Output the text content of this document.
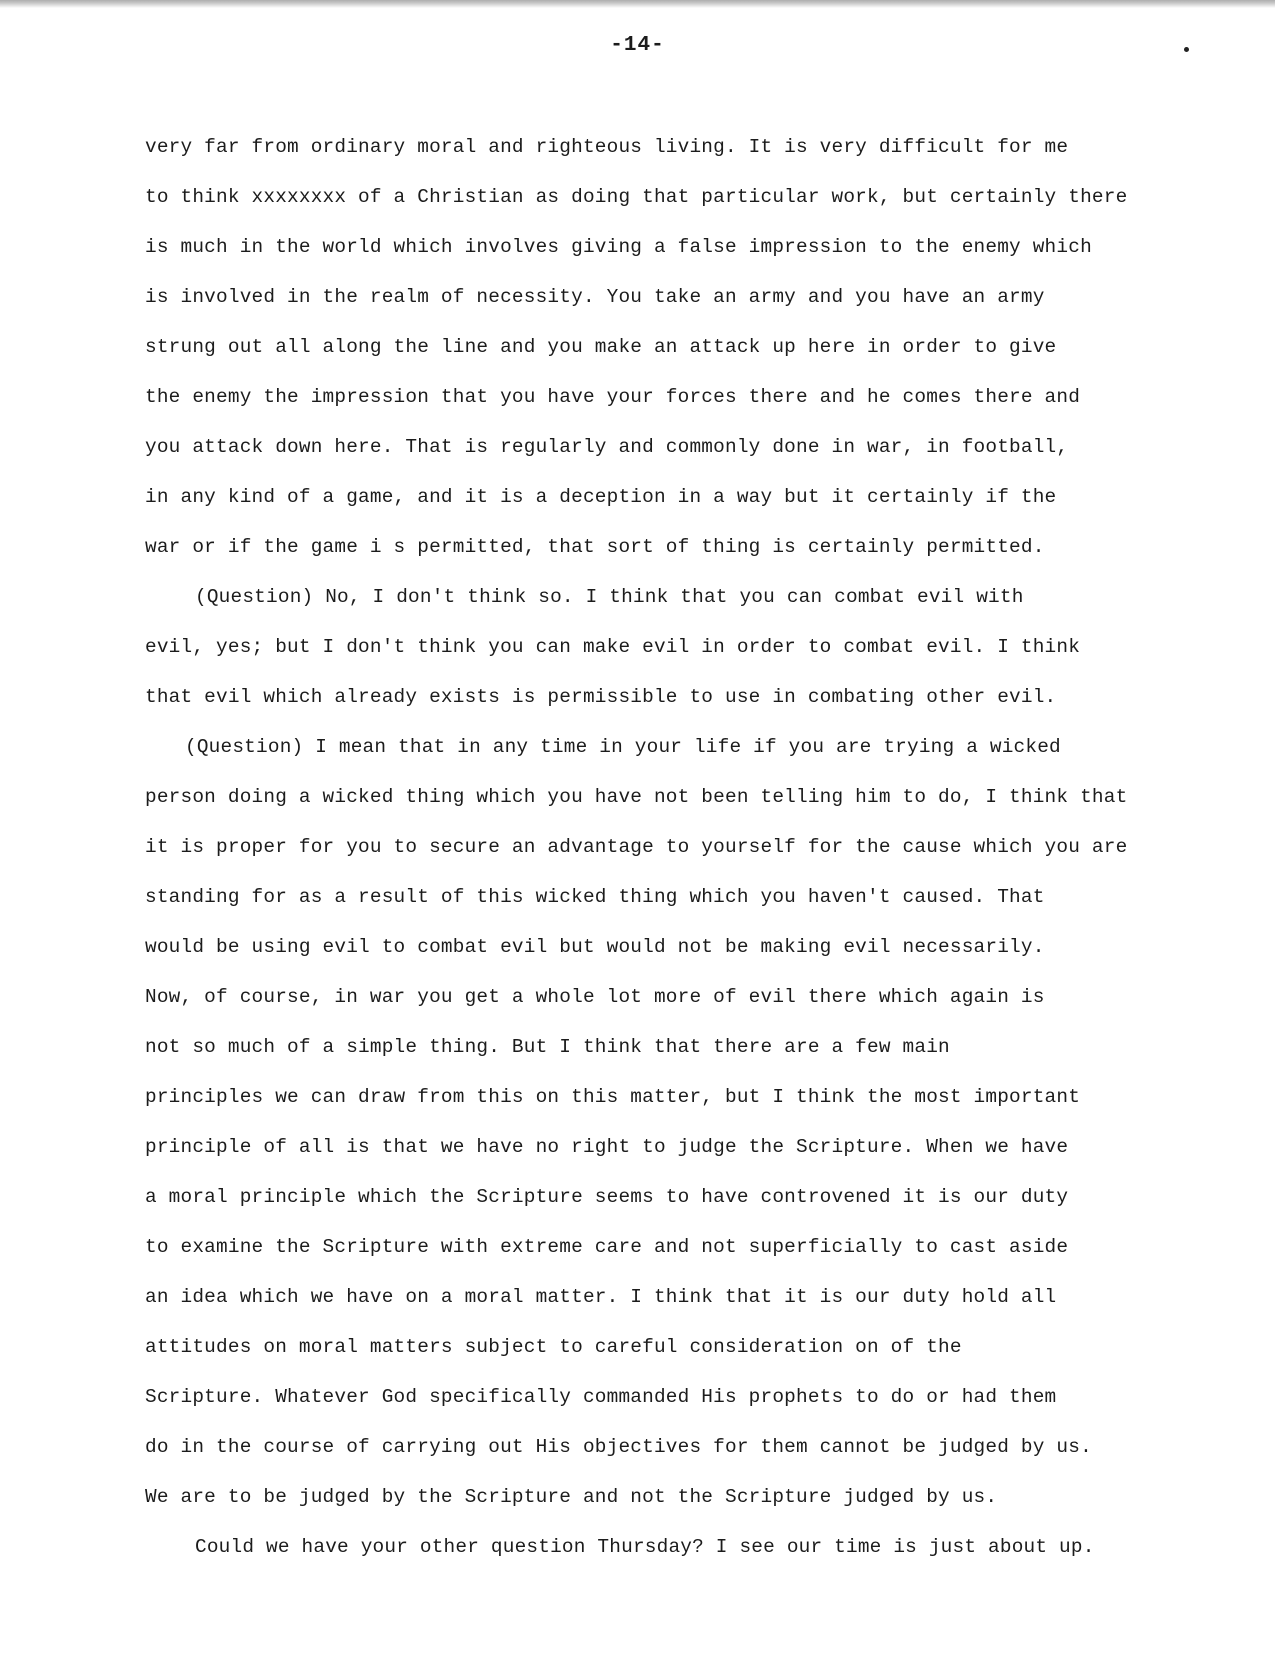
-14-
very far from ordinary moral and righteous living. It is very difficult for me
to think xxxxxxxx of a Christian as doing that particular work, but certainly there
is much in the world which involves giving a false impression to the enemy which
is involved in the realm of necessity. You take an army and you have an army
strung out all along the line and you make an attack up here in order to give
the enemy the impression that you have your forces there and he comes there and
you attack down here. That is regularly and commonly done in war, in football,
in any kind of a game, and it is a deception in a way but it certainly if the
war or if the game i s permitted, that sort of thing is certainly permitted.
(Question) No, I don't think so. I think that you can combat evil with
evil, yes; but I don't think you can make evil in order to combat evil. I think
that evil which already exists is permissible to use in combating other evil.
(Question) I mean that in any time in your life if you are trying a wicked
person doing a wicked thing which you have not been telling him to do, I think that
it is proper for you to secure an advantage to yourself for the cause which you are
standing for as a result of this wicked thing which you haven't caused. That
would be using evil to combat evil but would not be making evil necessarily.
Now, of course, in war you get a whole lot more of evil there which again is
not so much of a simple thing. But I think that there are a few main
principles we can draw from this on this matter, but I think the most important
principle of all is that we have no right to judge the Scripture. When we have
a moral principle which the Scripture seems to have controvened it is our duty
to examine the Scripture with extreme care and not superficially to cast aside
an idea which we have on a moral matter. I think that it is our duty hold all
attitudes on moral matters subject to careful consideration on of the
Scripture. Whatever God specifically commanded His prophets to do or had them
do in the course of carrying out His objectives for them cannot be judged by us.
We are to be judged by the Scripture and not the Scripture judged by us.
Could we have your other question Thursday? I see our time is just about up.
